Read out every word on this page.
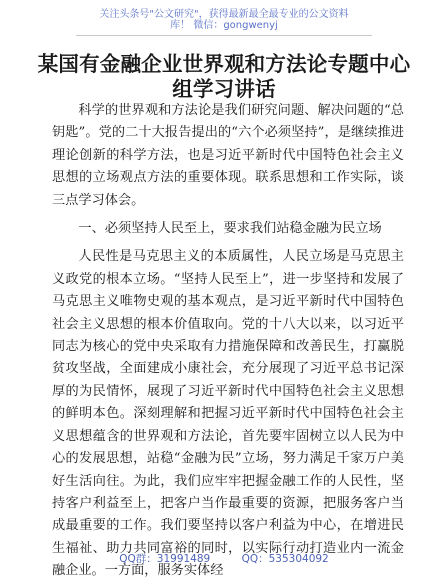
关注头条号"公文研究"，获得最新最全最专业的公文资料库！ 微信：gongwenyj
某国有金融企业世界观和方法论专题中心组学习讲话

科学的世界观和方法论是我们研究问题、解决问题的“总钥匙”。党的二十大报告提出的“六个必须坚持”，是继续推进理论创新的科学方法，也是习近平新时代中国特色社会主义思想的立场观点方法的重要体现。联系思想和工作实际，谈三点学习体会。

一、必须坚持人民至上，要求我们站稳金融为民立场

人民性是马克思主义的本质属性，人民立场是马克思主义政党的根本立场。“坚持人民至上”，进一步坚持和发展了马克思主义唯物史观的基本观点，是习近平新时代中国特色社会主义思想的根本价值取向。党的十八大以来，以习近平同志为核心的党中央采取有力措施保障和改善民生，打赢脱贫攻坚战，全面建成小康社会，充分展现了习近平总书记深厚的为民情怀，展现了习近平新时代中国特色社会主义思想的鲜明本色。深刻理解和把握习近平新时代中国特色社会主义思想蕴含的世界观和方法论，首先要牢固树立以人民为中心的发展思想，站稳“金融为民”立场，努力满足千家万户美好生活向往。为此，我们应牢牢把握金融工作的人民性，坚持客户利益至上，把客户当作最重要的资源，把服务客户当成最重要的工作。我们要坚持以客户利益为中心，在增进民生福祉、助力共同富裕的同时，以实际行动打造业内一流金融企业。一方面，服务实体经

QQ群：31991489	QQ：535304092
